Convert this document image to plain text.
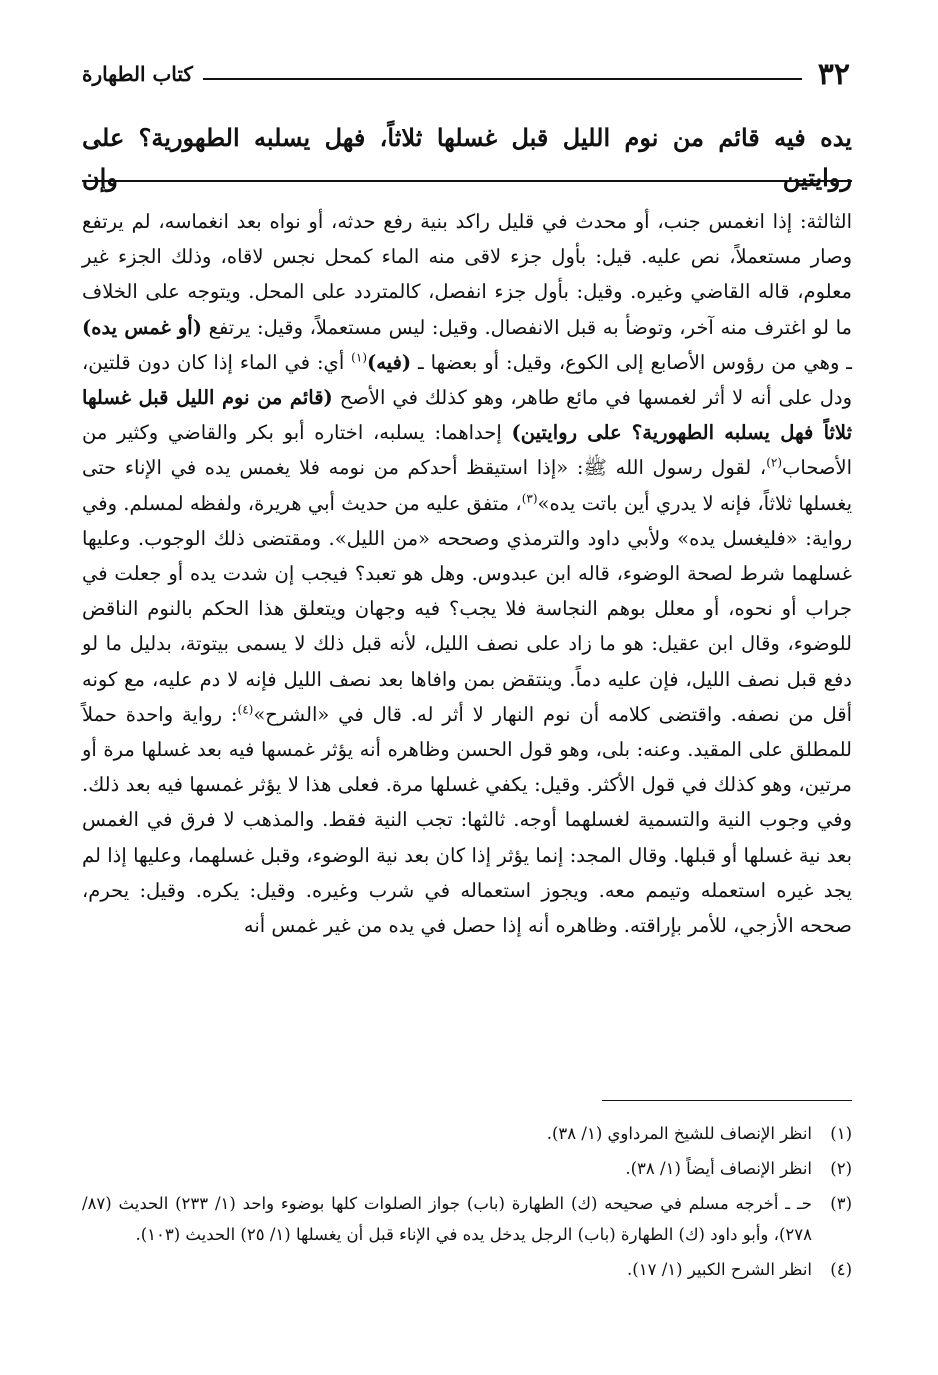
٣٢
كتاب الطهارة
يده فيه قائم من نوم الليل قبل غسلها ثلاثاً، فهل يسلبه الطهورية؟ على روايتين وإن

الثالثة: إذا انغمس جنب، أو محدث في قليل راكد بنية رفع حدثه، أو نواه بعد انغماسه، لم يرتفع وصار مستعملاً، نص عليه. قيل: بأول جزء لاقى منه الماء كمحل نجس لاقاه، وذلك الجزء غير معلوم، قاله القاضي وغيره. وقيل: بأول جزء انفصل، كالمتردد على المحل. ويتوجه على الخلاف ما لو اغترف منه آخر، وتوضأ به قبل الانفصال. وقيل: ليس مستعملاً، وقيل: يرتفع (أو غمس يده) ـ وهي من رؤوس الأصابع إلى الكوع، وقيل: أو بعضها ـ (فيه)$^{(١)}$ أي: في الماء إذا كان دون قلتين، ودل على أنه لا أثر لغمسها في مائع طاهر، وهو كذلك في الأصح (قائم من نوم الليل قبل غسلها ثلاثاً فهل يسلبه الطهورية؟ على روايتين) إحداهما: يسلبه، اختاره أبو بكر والقاضي وكثير من الأصحاب$^{(٢)}$، لقول رسول الله ﷺ: «إذا استيقظ أحدكم من نومه فلا يغمس يده في الإناء حتى يغسلها ثلاثاً، فإنه لا يدري أين باتت يده»$^{(٣)}$، متفق عليه من حديث أبي هريرة، ولفظه لمسلم. وفي رواية: «فليغسل يده» ولأبي داود والترمذي وصححه «من الليل». ومقتضى ذلك الوجوب. وعليها غسلهما شرط لصحة الوضوء، قاله ابن عبدوس. وهل هو تعبد؟ فيجب إن شدت يده أو جعلت في جراب أو نحوه، أو معلل بوهم النجاسة فلا يجب؟ فيه وجهان ويتعلق هذا الحكم بالنوم الناقض للوضوء، وقال ابن عقيل: هو ما زاد على نصف الليل، لأنه قبل ذلك لا يسمى بيتوتة، بدليل ما لو دفع قبل نصف الليل، فإن عليه دماً. وينتقض بمن وافاها بعد نصف الليل فإنه لا دم عليه، مع كونه أقل من نصفه. واقتضى كلامه أن نوم النهار لا أثر له. قال في «الشرح»$^{(٤)}$: رواية واحدة حملاً للمطلق على المقيد. وعنه: بلى، وهو قول الحسن وظاهره أنه يؤثر غمسها فيه بعد غسلها مرة أو مرتين، وهو كذلك في قول الأكثر. وقيل: يكفي غسلها مرة. فعلى هذا لا يؤثر غمسها فيه بعد ذلك. وفي وجوب النية والتسمية لغسلهما أوجه. ثالثها: تجب النية فقط. والمذهب لا فرق في الغمس بعد نية غسلها أو قبلها. وقال المجد: إنما يؤثر إذا كان بعد نية الوضوء، وقبل غسلهما، وعليها إذا لم يجد غيره استعمله وتيمم معه. ويجوز استعماله في شرب وغيره. وقيل: يكره. وقيل: يحرم، صححه الأزجي، للأمر بإراقته. وظاهره أنه إذا حصل في يده من غير غمس أنه

(١)
انظر الإنصاف للشيخ المرداوي (١/ ٣٨).
(٢)
انظر الإنصاف أيضاً (١/ ٣٨).
(٣)
حـ ـ أخرجه مسلم في صحيحه (ك) الطهارة (باب) جواز الصلوات كلها بوضوء واحد (١/ ٢٣٣) الحديث (٨٧/ ٢٧٨)، وأبو داود (ك) الطهارة (باب) الرجل يدخل يده في الإناء قبل أن يغسلها (١/ ٢٥) الحديث (١٠٣).
(٤)
انظر الشرح الكبير (١/ ١٧).
